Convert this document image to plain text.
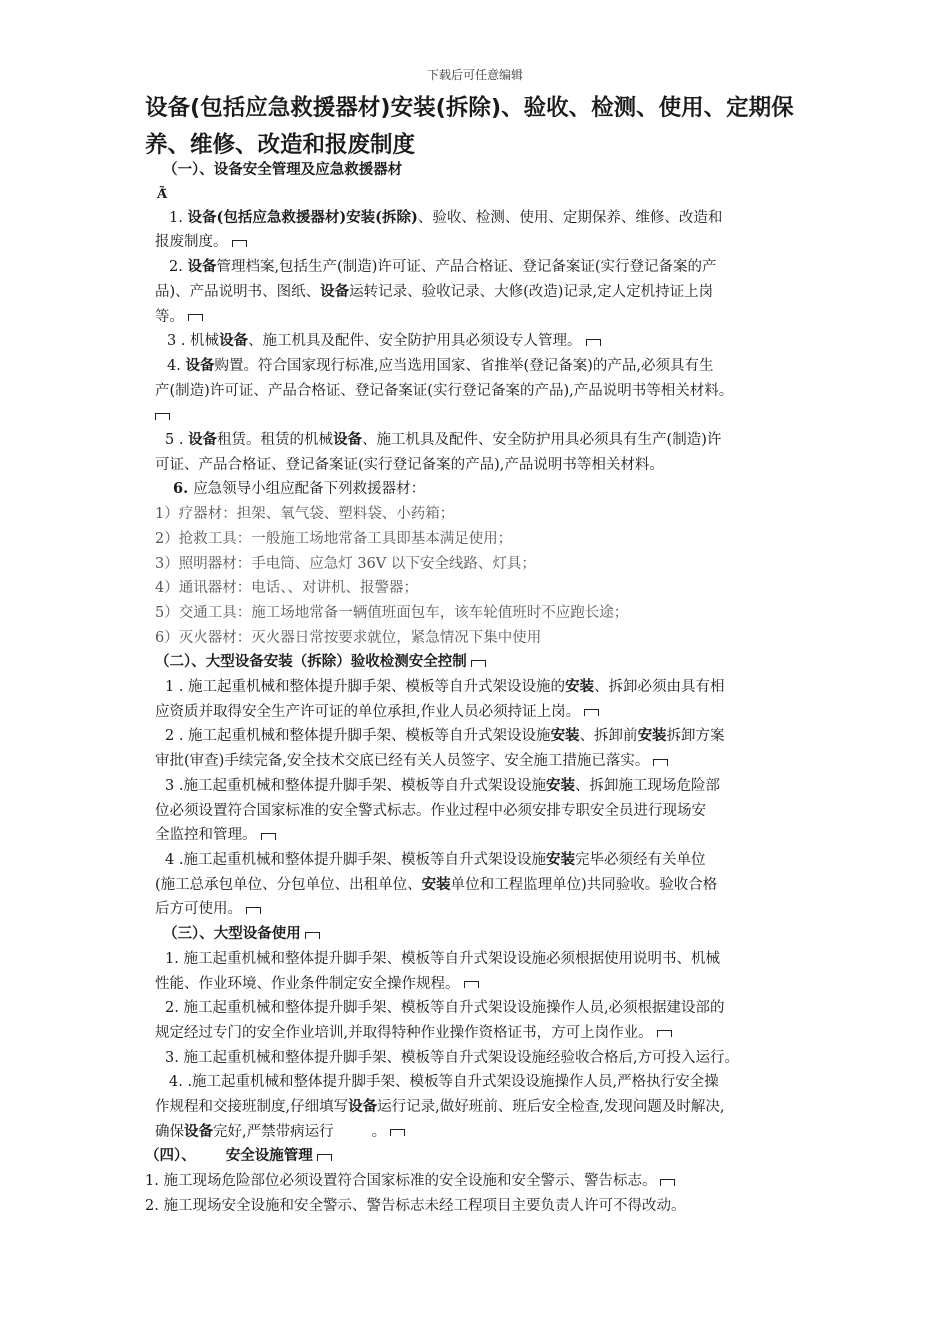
下载后可任意编辑
设备(包括应急救援器材)安装(拆除)、验收、检测、使用、定期保养、维修、改造和报废制度
（一）、设备安全管理及应急救援器材
Ã̃
1. 设备(包括应急救援器材)安装(拆除)、验收、检测、使用、定期保养、维修、改造和
报废制度。
2. 设备管理档案,包括生产(制造)许可证、产品合格证、登记备案证(实行登记备案的产
品)、产品说明书、图纸、设备运转记录、验收记录、大修(改造)记录,定人定机持证上岗
等。
3 . 机械设备、施工机具及配件、安全防护用具必须设专人管理。
4. 设备购置。符合国家现行标准,应当选用国家、省推举(登记备案)的产品,必须具有生
产(制造)许可证、产品合格证、登记备案证(实行登记备案的产品),产品说明书等相关材料。
5 . 设备租赁。租赁的机械设备、施工机具及配件、安全防护用具必须具有生产(制造)许
可证、产品合格证、登记备案证(实行登记备案的产品),产品说明书等相关材料。
6. 应急领导小组应配备下列救援器材：
1）疗器材：担架、氧气袋、塑料袋、小药箱；
2）抢救工具：一般施工场地常备工具即基本满足使用；
3）照明器材：手电筒、应急灯 36V 以下安全线路、灯具；
4）通讯器材：电话、、对讲机、报警器；
5）交通工具：施工场地常备一辆值班面包车，该车轮值班时不应跑长途；
6）灭火器材：灭火器日常按要求就位，紧急情况下集中使用
（二）、大型设备安装（拆除）验收检测安全控制
1 . 施工起重机械和整体提升脚手架、模板等自升式架设设施的安装、拆卸必须由具有相
应资质并取得安全生产许可证的单位承担,作业人员必须持证上岗。
2 . 施工起重机械和整体提升脚手架、模板等自升式架设设施安装、拆卸前安装拆卸方案
审批(审查)手续完备,安全技术交底已经有关人员签字、安全施工措施已落实。
3 .施工起重机械和整体提升脚手架、模板等自升式架设设施安装、拆卸施工现场危险部
位必须设置符合国家标准的安全警式标志。作业过程中必须安排专职安全员进行现场安
全监控和管理。
4 .施工起重机械和整体提升脚手架、模板等自升式架设设施安装完毕必须经有关单位
(施工总承包单位、分包单位、出租单位、安装单位和工程监理单位)共同验收。验收合格
后方可使用。
（三）、大型设备使用
1. 施工起重机械和整体提升脚手架、模板等自升式架设设施必须根据使用说明书、机械
性能、作业环境、作业条件制定安全操作规程。
2. 施工起重机械和整体提升脚手架、模板等自升式架设设施操作人员,必须根据建设部的
规定经过专门的安全作业培训,并取得特种作业操作资格证书，方可上岗作业。
3. 施工起重机械和整体提升脚手架、模板等自升式架设设施经验收合格后,方可投入运行。
4. .施工起重机械和整体提升脚手架、模板等自升式架设设施操作人员,严格执行安全操
作规程和交接班制度,仔细填写设备运行记录,做好班前、班后安全检查,发现问题及时解决,
确保设备完好,严禁带病运行	。
（四）、 安全设施管理
1. 施工现场危险部位必须设置符合国家标准的安全设施和安全警示、警告标志。
2. 施工现场安全设施和安全警示、警告标志未经工程项目主要负责人许可不得改动。
